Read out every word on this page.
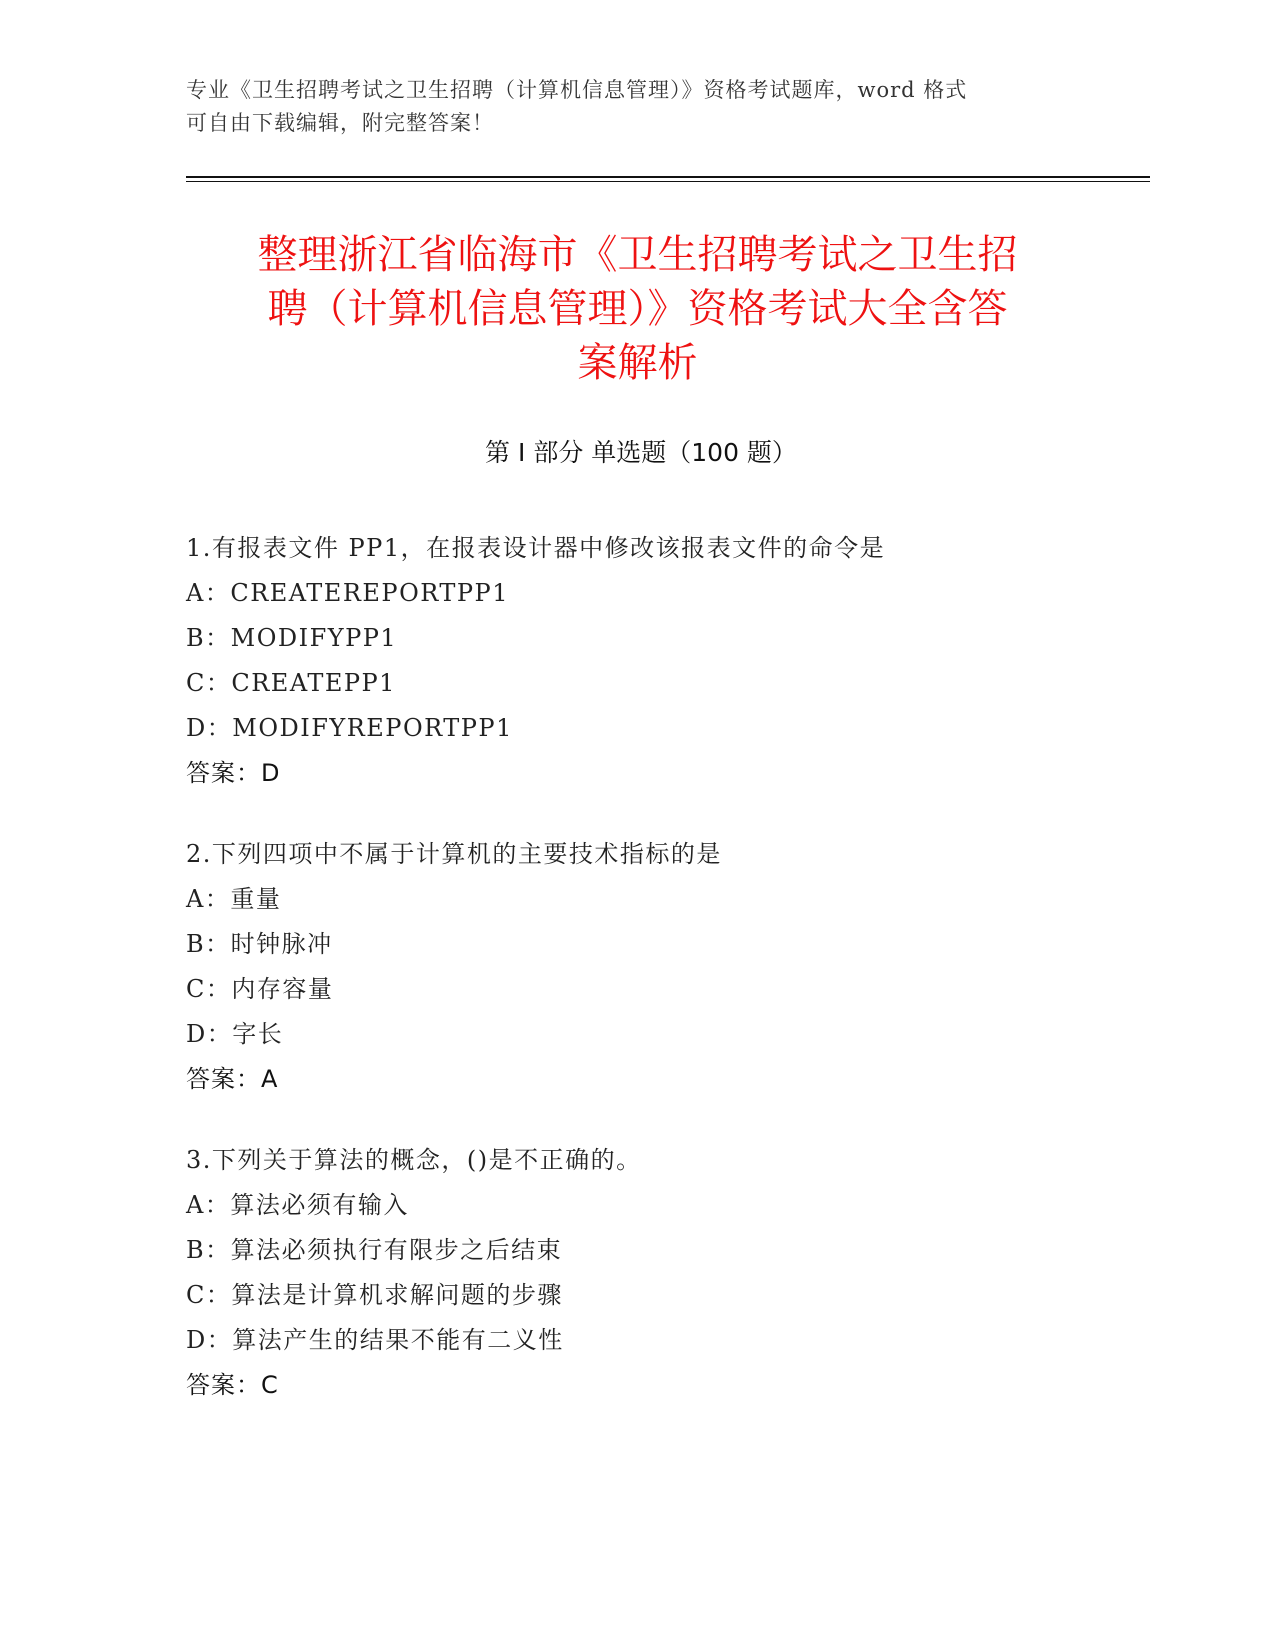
专业《卫生招聘考试之卫生招聘（计算机信息管理）》资格考试题库，word 格式
可自由下载编辑，附完整答案！
整理浙江省临海市《卫生招聘考试之卫生招
聘（计算机信息管理）》资格考试大全含答
案解析
第 I 部分 单选题（100 题）
1.有报表文件 PP1，在报表设计器中修改该报表文件的命令是
A：CREATEREPORTPP1
B：MODIFYPP1
C：CREATEPP1
D：MODIFYREPORTPP1
答案：D
2.下列四项中不属于计算机的主要技术指标的是
A：重量
B：时钟脉冲
C：内存容量
D：字长
答案：A
3.下列关于算法的概念，()是不正确的。
A：算法必须有输入
B：算法必须执行有限步之后结束
C：算法是计算机求解问题的步骤
D：算法产生的结果不能有二义性
答案：C
